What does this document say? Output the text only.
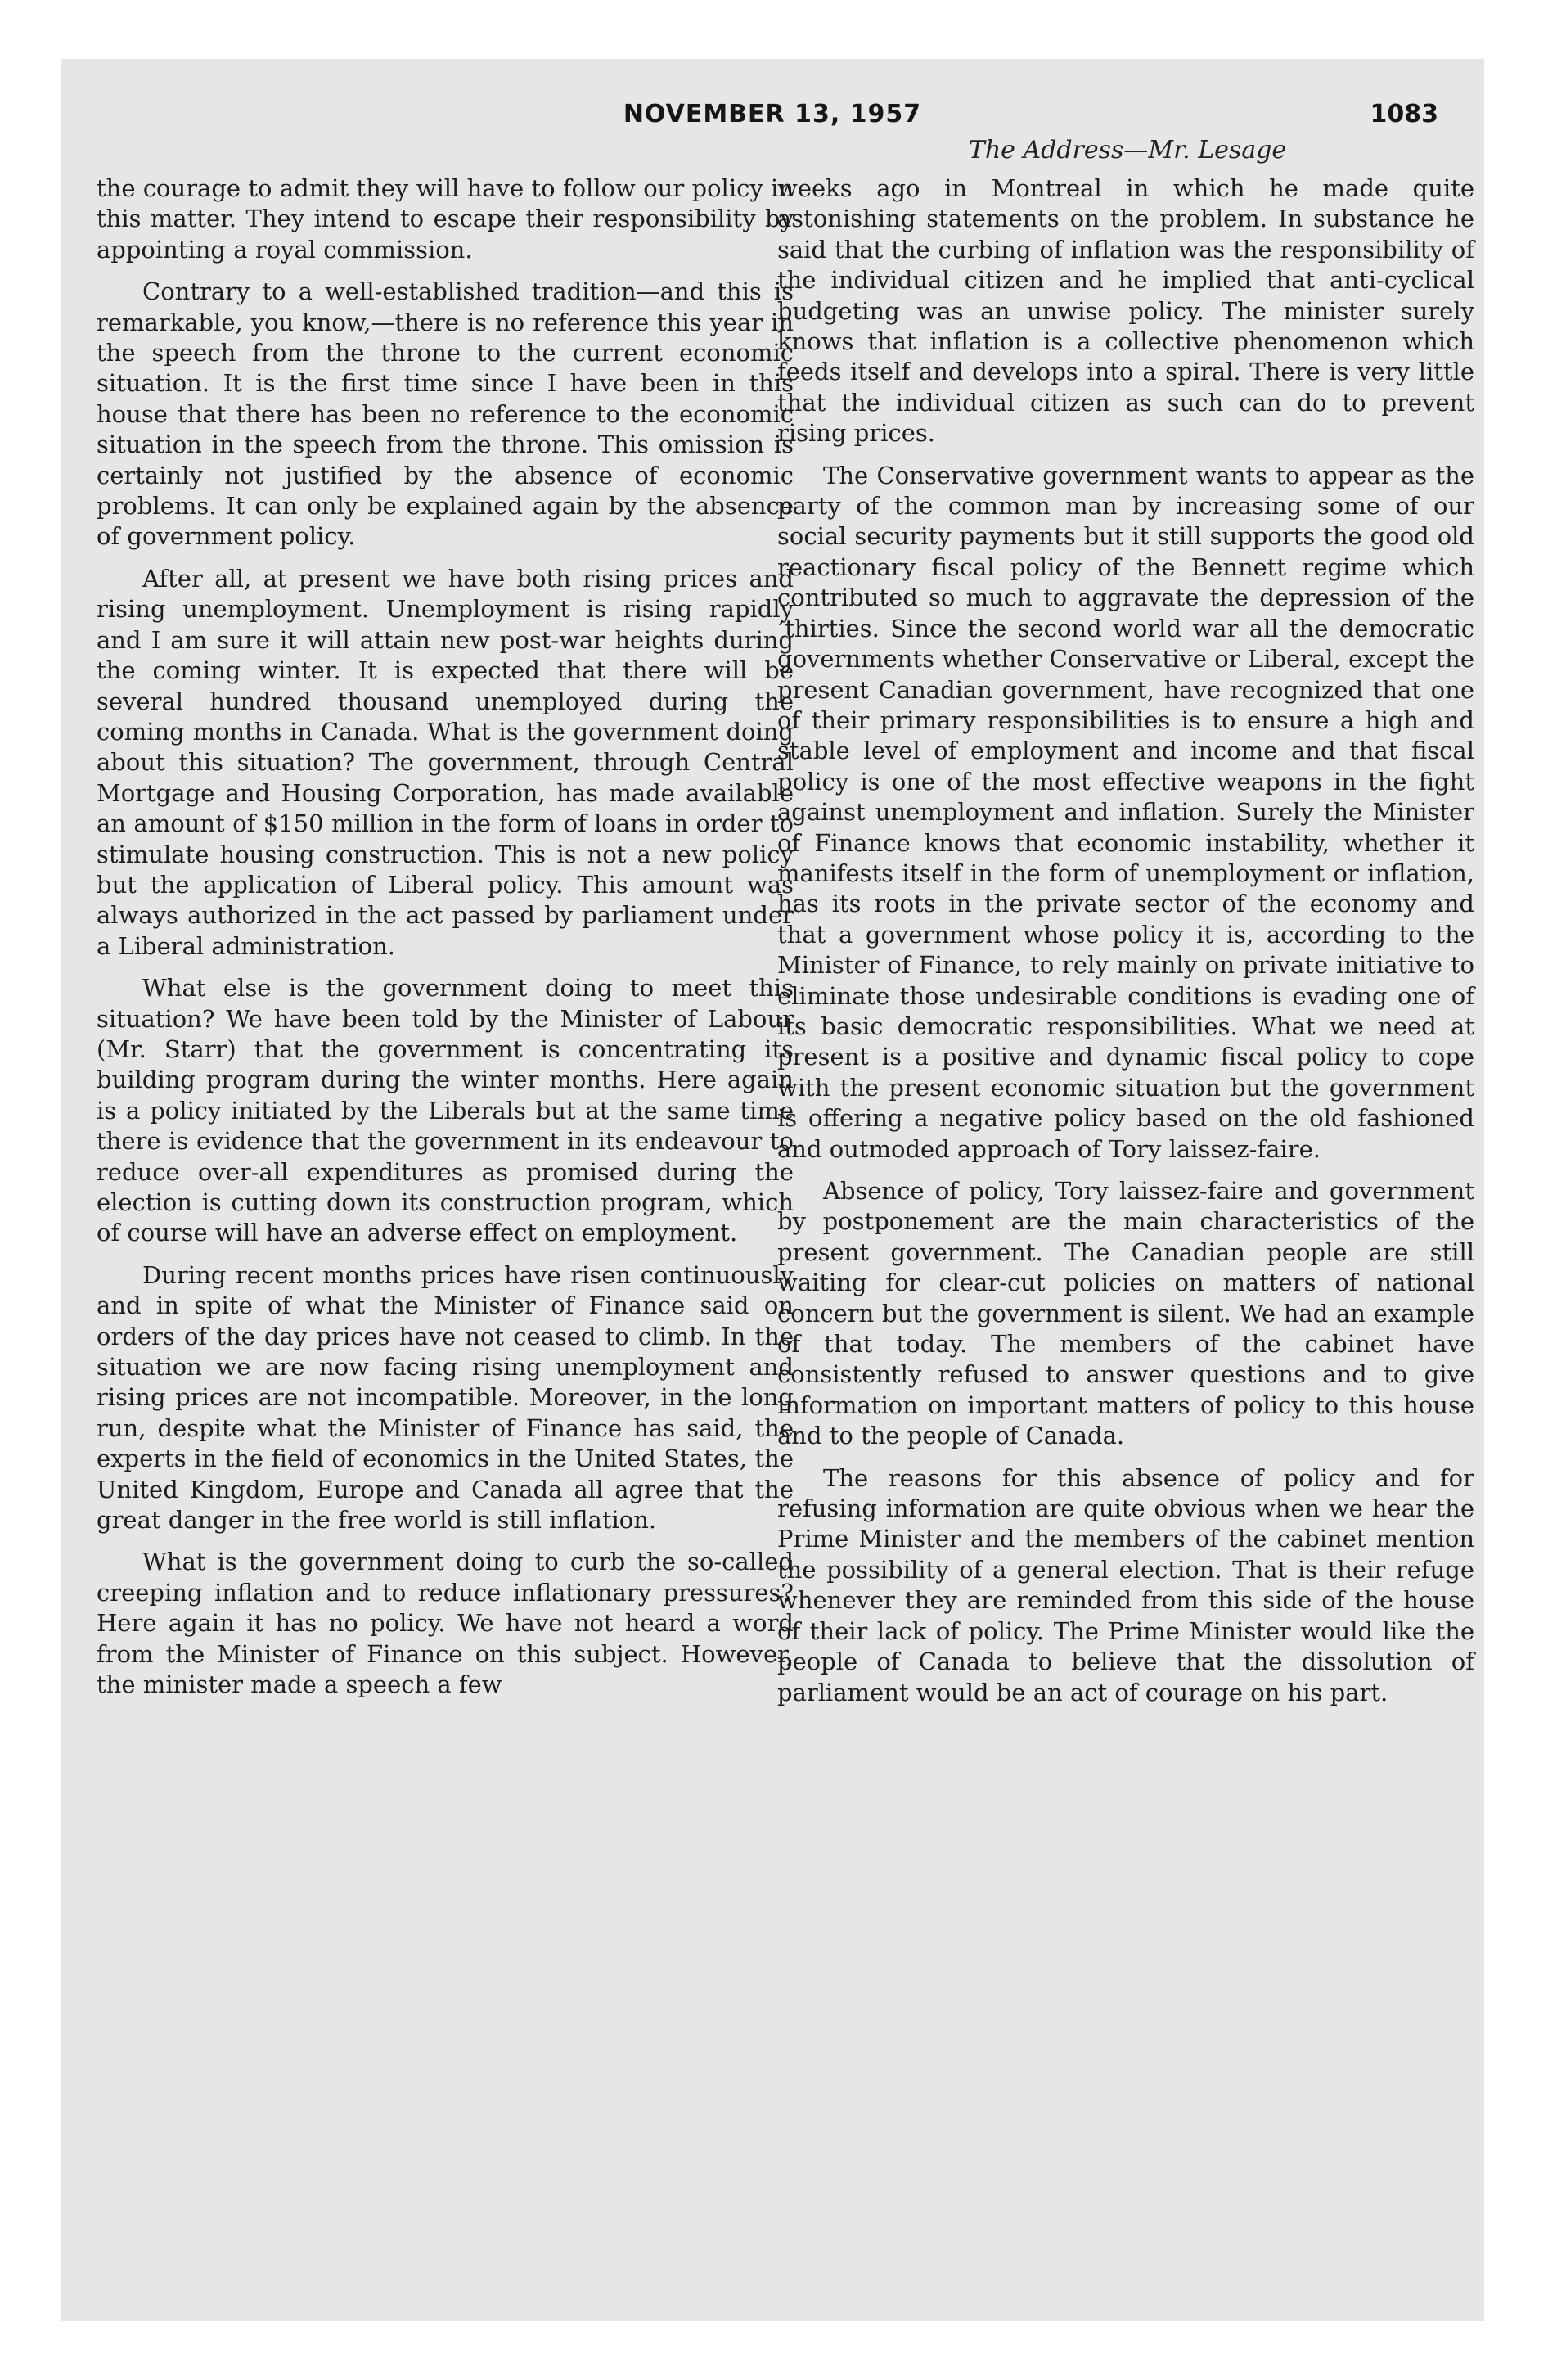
NOVEMBER 13, 1957	1083
The Address—Mr. Lesage

the courage to admit they will have to follow our policy in this matter. They intend to escape their responsibility by appointing a royal commission.

Contrary to a well-established tradition—and this is remarkable, you know,—there is no reference this year in the speech from the throne to the current economic situation. It is the first time since I have been in this house that there has been no reference to the economic situation in the speech from the throne. This omission is certainly not justified by the absence of economic problems. It can only be explained again by the absence of government policy.

After all, at present we have both rising prices and rising unemployment. Unemployment is rising rapidly and I am sure it will attain new post-war heights during the coming winter. It is expected that there will be several hundred thousand unemployed during the coming months in Canada. What is the government doing about this situation? The government, through Central Mortgage and Housing Corporation, has made available an amount of $150 million in the form of loans in order to stimulate housing construction. This is not a new policy but the application of Liberal policy. This amount was always authorized in the act passed by parliament under a Liberal administration.

What else is the government doing to meet this situation? We have been told by the Minister of Labour (Mr. Starr) that the government is concentrating its building program during the winter months. Here again is a policy initiated by the Liberals but at the same time there is evidence that the government in its endeavour to reduce over-all expenditures as promised during the election is cutting down its construction program, which of course will have an adverse effect on employment.

During recent months prices have risen continuously and in spite of what the Minister of Finance said on orders of the day prices have not ceased to climb. In the situation we are now facing rising unemployment and rising prices are not incompatible. Moreover, in the long run, despite what the Minister of Finance has said, the experts in the field of economics in the United States, the United Kingdom, Europe and Canada all agree that the great danger in the free world is still inflation.

What is the government doing to curb the so-called creeping inflation and to reduce inflationary pressures? Here again it has no policy. We have not heard a word from the Minister of Finance on this subject. However, the minister made a speech a few

weeks ago in Montreal in which he made quite astonishing statements on the problem. In substance he said that the curbing of inflation was the responsibility of the individual citizen and he implied that anti-cyclical budgeting was an unwise policy. The minister surely knows that inflation is a collective phenomenon which feeds itself and develops into a spiral. There is very little that the individual citizen as such can do to prevent rising prices.

The Conservative government wants to appear as the party of the common man by increasing some of our social security payments but it still supports the good old reactionary fiscal policy of the Bennett regime which contributed so much to aggravate the depression of the ’thirties. Since the second world war all the democratic governments whether Conservative or Liberal, except the present Canadian government, have recognized that one of their primary responsibilities is to ensure a high and stable level of employment and income and that fiscal policy is one of the most effective weapons in the fight against unemployment and inflation. Surely the Minister of Finance knows that economic instability, whether it manifests itself in the form of unemployment or inflation, has its roots in the private sector of the economy and that a government whose policy it is, according to the Minister of Finance, to rely mainly on private initiative to eliminate those undesirable conditions is evading one of its basic democratic responsibilities. What we need at present is a positive and dynamic fiscal policy to cope with the present economic situation but the government is offering a negative policy based on the old fashioned and outmoded approach of Tory laissez-faire.

Absence of policy, Tory laissez-faire and government by postponement are the main characteristics of the present government. The Canadian people are still waiting for clear-cut policies on matters of national concern but the government is silent. We had an example of that today. The members of the cabinet have consistently refused to answer questions and to give information on important matters of policy to this house and to the people of Canada.

The reasons for this absence of policy and for refusing information are quite obvious when we hear the Prime Minister and the members of the cabinet mention the possibility of a general election. That is their refuge whenever they are reminded from this side of the house of their lack of policy. The Prime Minister would like the people of Canada to believe that the dissolution of parliament would be an act of courage on his part.
